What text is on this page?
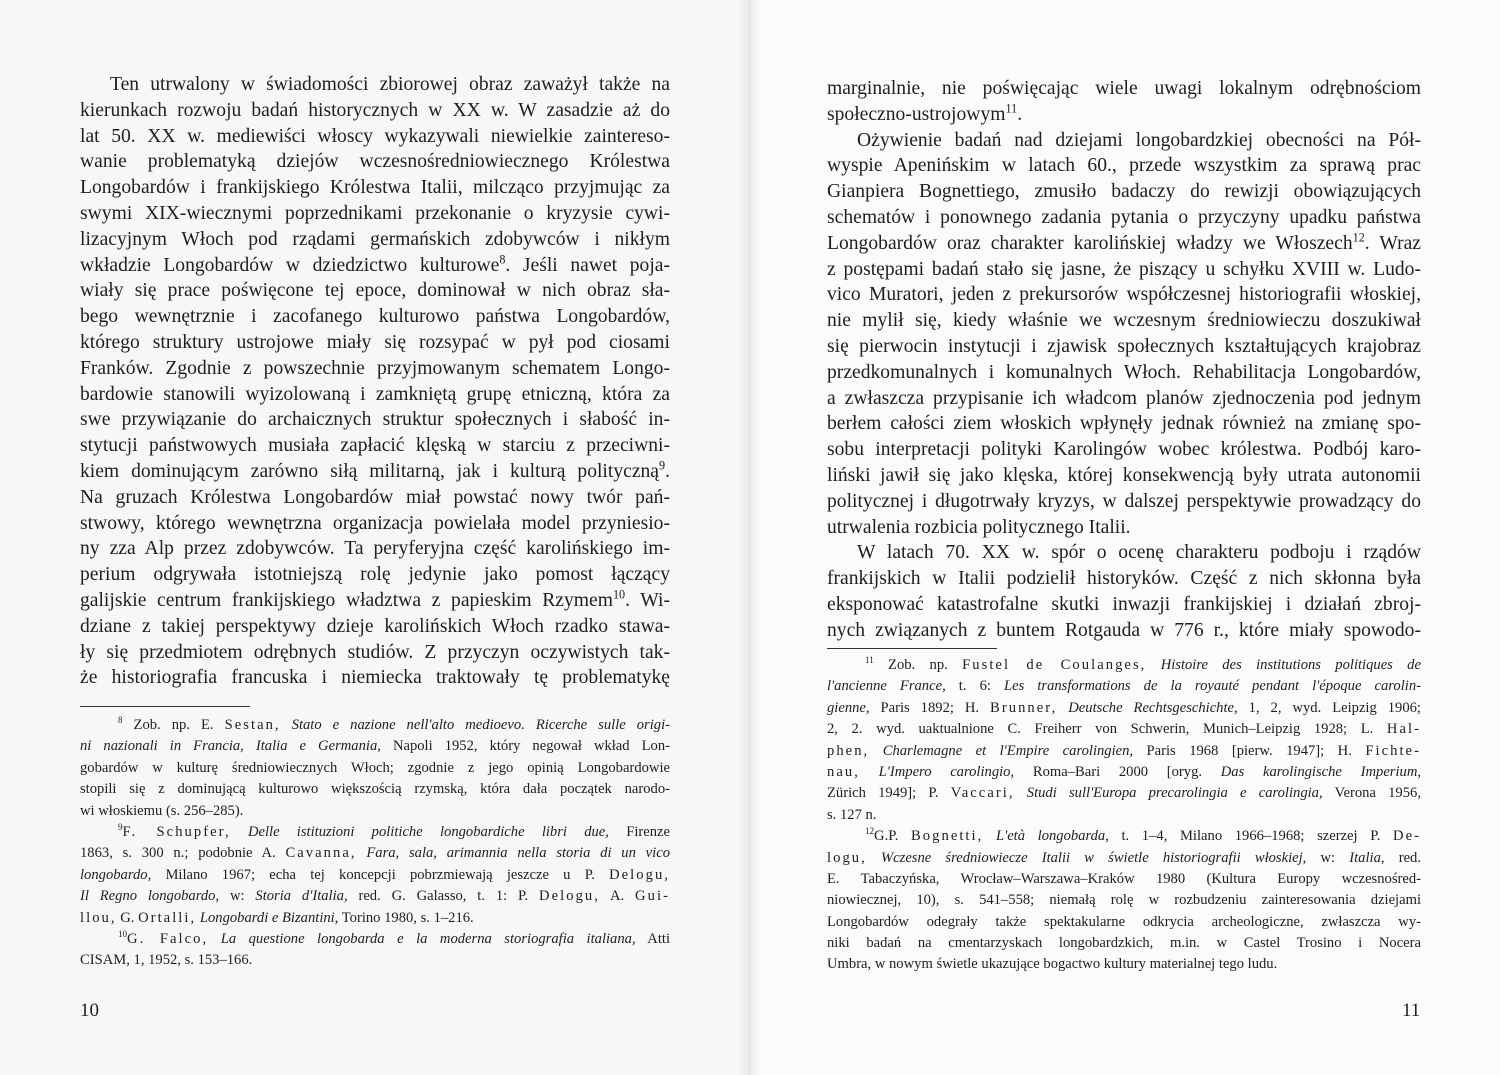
Ten utrwalony w świadomości zbiorowej obraz zaważył także na
kierunkach rozwoju badań historycznych w XX w. W zasadzie aż do
lat 50. XX w. mediewiści włoscy wykazywali niewielkie zaintereso-
wanie problematyką dziejów wczesnośredniowiecznego Królestwa
Longobardów i frankijskiego Królestwa Italii, milcząco przyjmując za
swymi XIX-wiecznymi poprzednikami przekonanie o kryzysie cywi-
lizacyjnym Włoch pod rządami germańskich zdobywców i nikłym
wkładzie Longobardów w dziedzictwo kulturowe$^8$. Jeśli nawet poja-
wiały się prace poświęcone tej epoce, dominował w nich obraz sła-
bego wewnętrznie i zacofanego kulturowo państwa Longobardów,
którego struktury ustrojowe miały się rozsypać w pył pod ciosami
Franków. Zgodnie z powszechnie przyjmowanym schematem Longo-
bardowie stanowili wyizolowaną i zamkniętą grupę etniczną, która za
swe przywiązanie do archaicznych struktur społecznych i słabość in-
stytucji państwowych musiała zapłacić klęską w starciu z przeciwni-
kiem dominującym zarówno siłą militarną, jak i kulturą polityczną$^9$.
Na gruzach Królestwa Longobardów miał powstać nowy twór pań-
stwowy, którego wewnętrzna organizacja powielała model przyniesio-
ny zza Alp przez zdobywców. Ta peryferyjna część karolińskiego im-
perium odgrywała istotniejszą rolę jedynie jako pomost łączący
galijskie centrum frankijskiego władztwa z papieskim Rzymem$^{10}$. Wi-
dziane z takiej perspektywy dzieje karolińskich Włoch rzadko stawa-
ły się przedmiotem odrębnych studiów. Z przyczyn oczywistych tak-
że historiografia francuska i niemiecka traktowały tę problematykę
$^8$ Zob. np. E. Sestan, Stato e nazione nell'alto medioevo. Ricerche sulle origi-
ni nazionali in Francia, Italia e Germania, Napoli 1952, który negował wkład Lon-
gobardów w kulturę średniowiecznych Włoch; zgodnie z jego opinią Longobardowie
stopili się z dominującą kulturowo większością rzymską, która dała początek narodo-
wi włoskiemu (s. 256–285).
$^9$F. Schupfer, Delle istituzioni politiche longobardiche libri due, Firenze
1863, s. 300 n.; podobnie A. Cavanna, Fara, sala, arimannia nella storia di un vico
longobardo, Milano 1967; echa tej koncepcji pobrzmiewają jeszcze u P. Delogu,
Il Regno longobardo, w: Storia d'Italia, red. G. Galasso, t. 1: P. Delogu, A. Gui-
llou, G. Ortalli, Longobardi e Bizantini, Torino 1980, s. 1–216.
$^{10}$G. Falco, La questione longobarda e la moderna storiografia italiana, Atti
CISAM, 1, 1952, s. 153–166.
10
marginalnie, nie poświęcając wiele uwagi lokalnym odrębnościom
społeczno-ustrojowym$^{11}$.
Ożywienie badań nad dziejami longobardzkiej obecności na Pół-
wyspie Apenińskim w latach 60., przede wszystkim za sprawą prac
Gianpiera Bognettiego, zmusiło badaczy do rewizji obowiązujących
schematów i ponownego zadania pytania o przyczyny upadku państwa
Longobardów oraz charakter karolińskiej władzy we Włoszech$^{12}$. Wraz
z postępami badań stało się jasne, że piszący u schyłku XVIII w. Ludo-
vico Muratori, jeden z prekursorów współczesnej historiografii włoskiej,
nie mylił się, kiedy właśnie we wczesnym średniowieczu doszukiwał
się pierwocin instytucji i zjawisk społecznych kształtujących krajobraz
przedkomunalnych i komunalnych Włoch. Rehabilitacja Longobardów,
a zwłaszcza przypisanie ich władcom planów zjednoczenia pod jednym
berłem całości ziem włoskich wpłynęły jednak również na zmianę spo-
sobu interpretacji polityki Karolingów wobec królestwa. Podbój karo-
liński jawił się jako klęska, której konsekwencją były utrata autonomii
politycznej i długotrwały kryzys, w dalszej perspektywie prowadzący do
utrwalenia rozbicia politycznego Italii.
W latach 70. XX w. spór o ocenę charakteru podboju i rządów
frankijskich w Italii podzielił historyków. Część z nich skłonna była
eksponować katastrofalne skutki inwazji frankijskiej i działań zbroj-
nych związanych z buntem Rotgauda w 776 r., które miały spowodo-
$^{11}$ Zob. np. Fustel de Coulanges, Histoire des institutions politiques de
l'ancienne France, t. 6: Les transformations de la royauté pendant l'époque carolin-
gienne, Paris 1892; H. Brunner, Deutsche Rechtsgeschichte, 1, 2, wyd. Leipzig 1906;
2, 2. wyd. uaktualnione C. Freiherr von Schwerin, Munich–Leipzig 1928; L. Hal-
phen, Charlemagne et l'Empire carolingien, Paris 1968 [pierw. 1947]; H. Fichte-
nau, L'Impero carolingio, Roma–Bari 2000 [oryg. Das karolingische Imperium,
Zürich 1949]; P. Vaccari, Studi sull'Europa precarolingia e carolingia, Verona 1956,
s. 127 n.
$^{12}$G.P. Bognetti, L'età longobarda, t. 1–4, Milano 1966–1968; szerzej P. De-
logu, Wczesne średniowiecze Italii w świetle historiografii włoskiej, w: Italia, red.
E. Tabaczyńska, Wrocław–Warszawa–Kraków 1980 (Kultura Europy wczesnośred-
niowiecznej, 10), s. 541–558; niemałą rolę w rozbudzeniu zainteresowania dziejami
Longobardów odegrały także spektakularne odkrycia archeologiczne, zwłaszcza wy-
niki badań na cmentarzyskach longobardzkich, m.in. w Castel Trosino i Nocera
Umbra, w nowym świetle ukazujące bogactwo kultury materialnej tego ludu.
11
